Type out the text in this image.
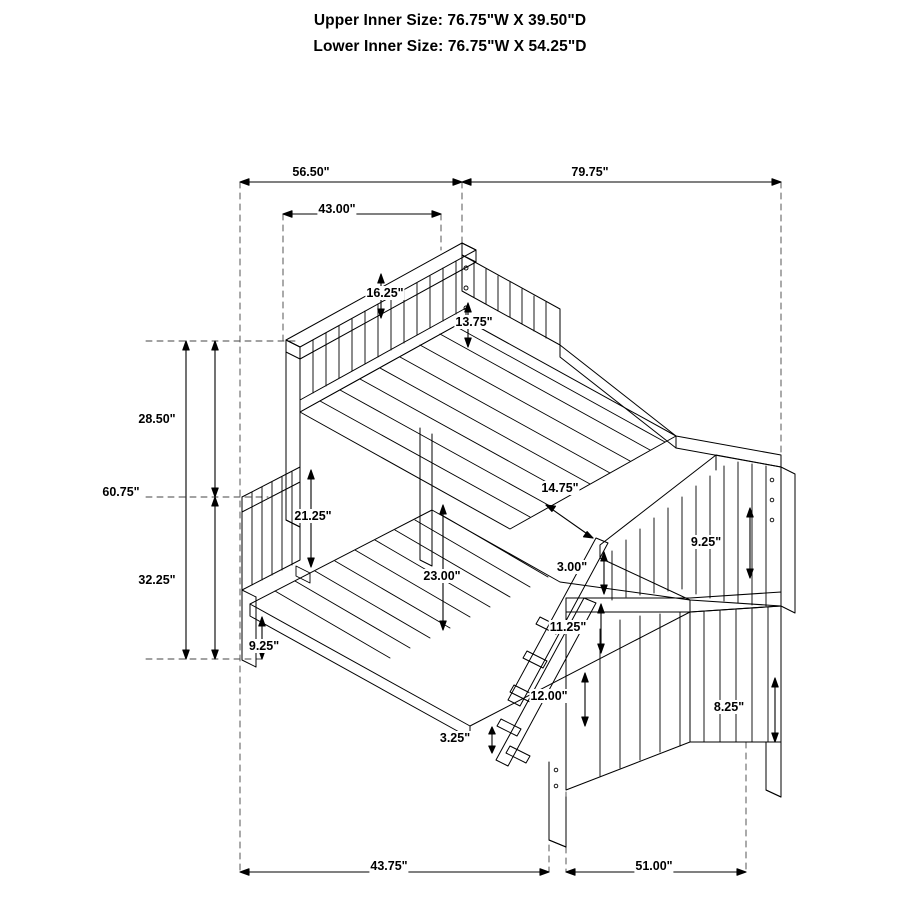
Upper Inner Size: 76.75"W X 39.50"D
Lower Inner Size: 76.75"W X 54.25"D
56.50"	79.75"
43.00"
16.25"
13.75"
28.50"
60.75"
21.25"
14.75"
9.25"
32.25"
3.00"
23.00"
11.25"
9.25"
12.00"
8.25"
3.25"
43.75"	51.00"
